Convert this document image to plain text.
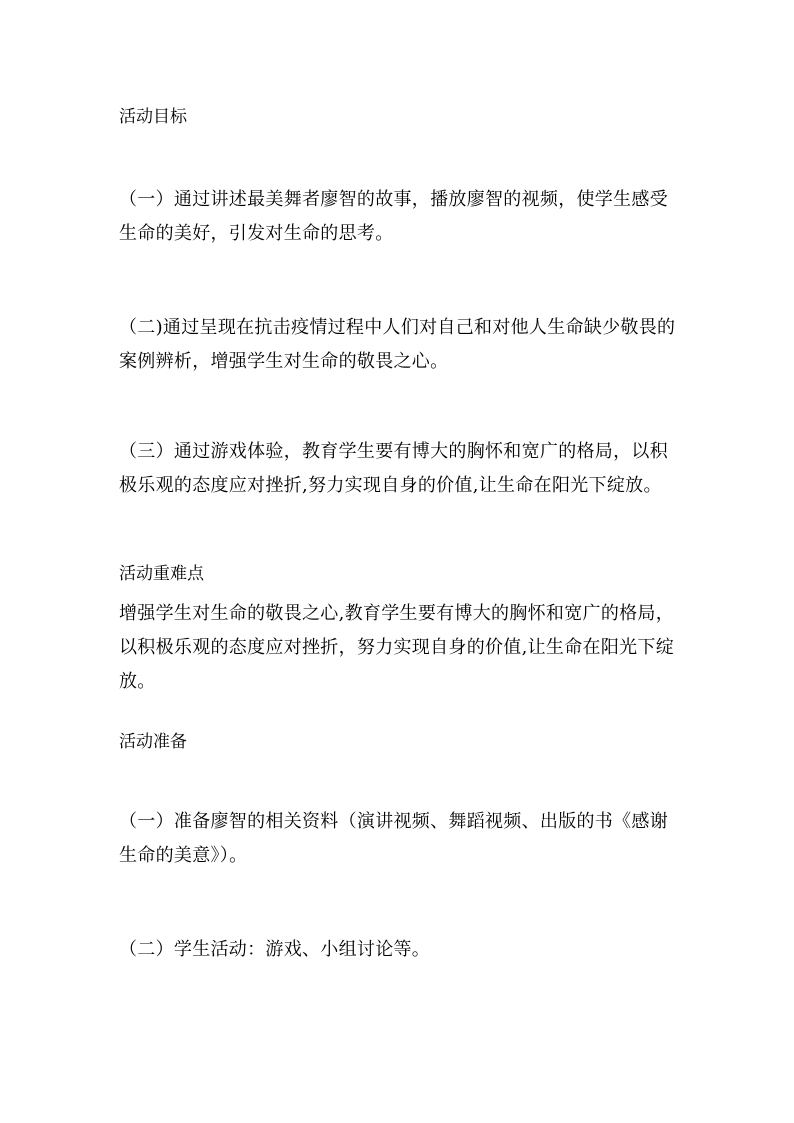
活动目标
（一）通过讲述最美舞者廖智的故事，播放廖智的视频，使学生感受生命的美好，引发对生命的思考。
（二)通过呈现在抗击疫情过程中人们对自己和对他人生命缺少敬畏的案例辨析，增强学生对生命的敬畏之心。
（三）通过游戏体验，教育学生要有博大的胸怀和宽广的格局，以积极乐观的态度应对挫折,努力实现自身的价值,让生命在阳光下绽放。
活动重难点
增强学生对生命的敬畏之心,教育学生要有博大的胸怀和宽广的格局，以积极乐观的态度应对挫折，努力实现自身的价值,让生命在阳光下绽放。
活动准备
（一）准备廖智的相关资料（演讲视频、舞蹈视频、出版的书《感谢生命的美意》）。
（二）学生活动：游戏、小组讨论等。
